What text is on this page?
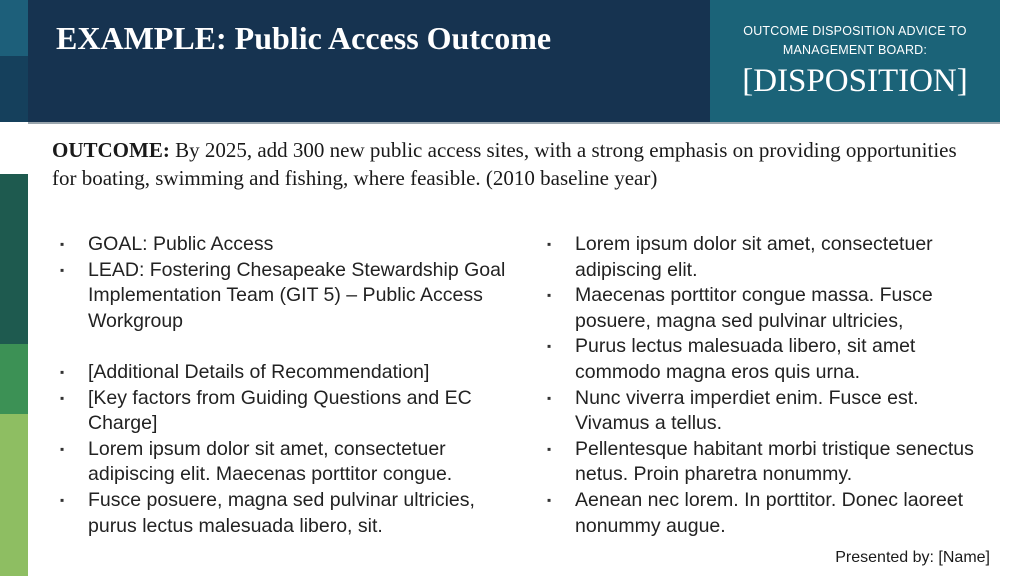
EXAMPLE: Public Access Outcome	OUTCOME DISPOSITION ADVICE TO
MANAGEMENT BOARD:
[DISPOSITION]

OUTCOME: By 2025, add 300 new public access sites, with a strong emphasis on providing opportunities for boating, swimming and fishing, where feasible. (2010 baseline year)

▪ GOAL: Public Access
▪ LEAD: Fostering Chesapeake Stewardship Goal Implementation Team (GIT 5) – Public Access Workgroup
▪ [Additional Details of Recommendation]
▪ [Key factors from Guiding Questions and EC Charge]
▪ Lorem ipsum dolor sit amet, consectetuer adipiscing elit. Maecenas porttitor congue.
▪ Fusce posuere, magna sed pulvinar ultricies, purus lectus malesuada libero, sit.
▪ Lorem ipsum dolor sit amet, consectetuer adipiscing elit.
▪ Maecenas porttitor congue massa. Fusce posuere, magna sed pulvinar ultricies,
▪ Purus lectus malesuada libero, sit amet commodo magna eros quis urna.
▪ Nunc viverra imperdiet enim. Fusce est. Vivamus a tellus.
▪ Pellentesque habitant morbi tristique senectus netus. Proin pharetra nonummy.
▪ Aenean nec lorem. In porttitor. Donec laoreet nonummy augue.
Presented by: [Name]
